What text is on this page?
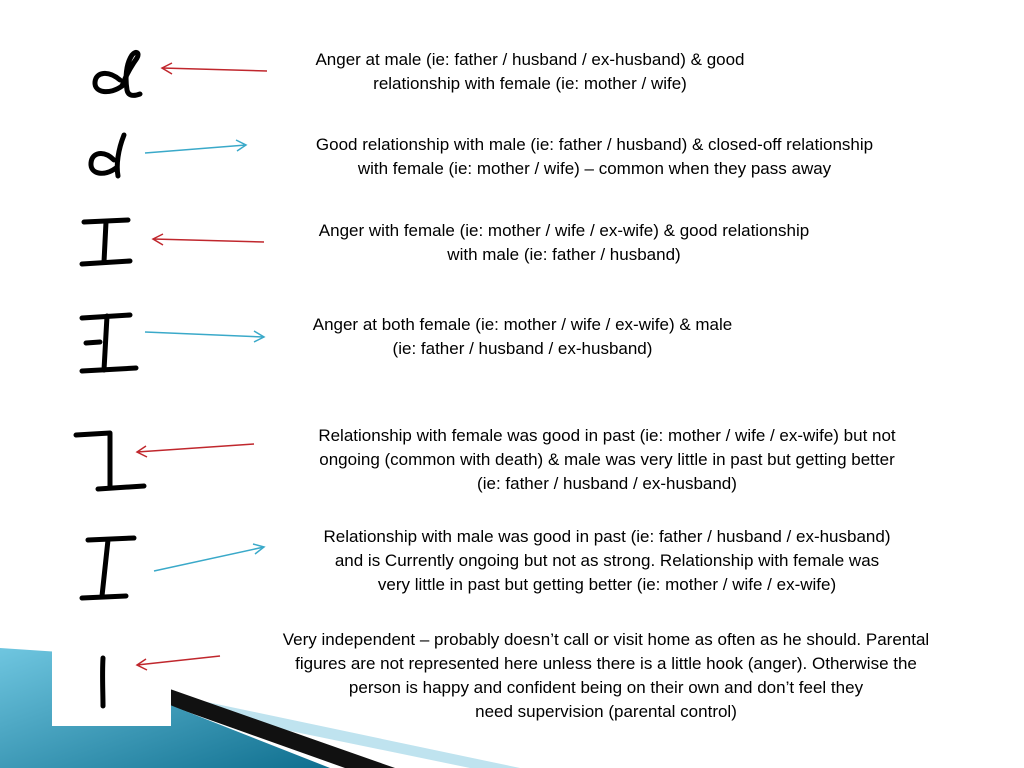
Anger at male (ie: father / husband / ex-husband) & good
relationship with female (ie: mother / wife)
Good relationship with male (ie: father / husband) & closed-off relationship
with female (ie: mother / wife) – common when they pass away
Anger with female (ie: mother / wife / ex-wife) & good relationship
with male (ie: father / husband)
Anger at both female (ie: mother / wife / ex-wife) & male
(ie: father / husband / ex-husband)
Relationship with female was good in past (ie: mother / wife / ex-wife) but not
ongoing (common with death) & male was very little in past but getting better
(ie: father / husband / ex-husband)
Relationship with male was good in past (ie: father / husband / ex-husband)
and is Currently ongoing but not as strong. Relationship with female was
very little in past but getting better (ie: mother / wife / ex-wife)
Very independent – probably doesn’t call or visit home as often as he should. Parental
figures are not represented here unless there is a little hook (anger). Otherwise the
person is happy and confident being on their own and don’t feel they
need supervision (parental control)
